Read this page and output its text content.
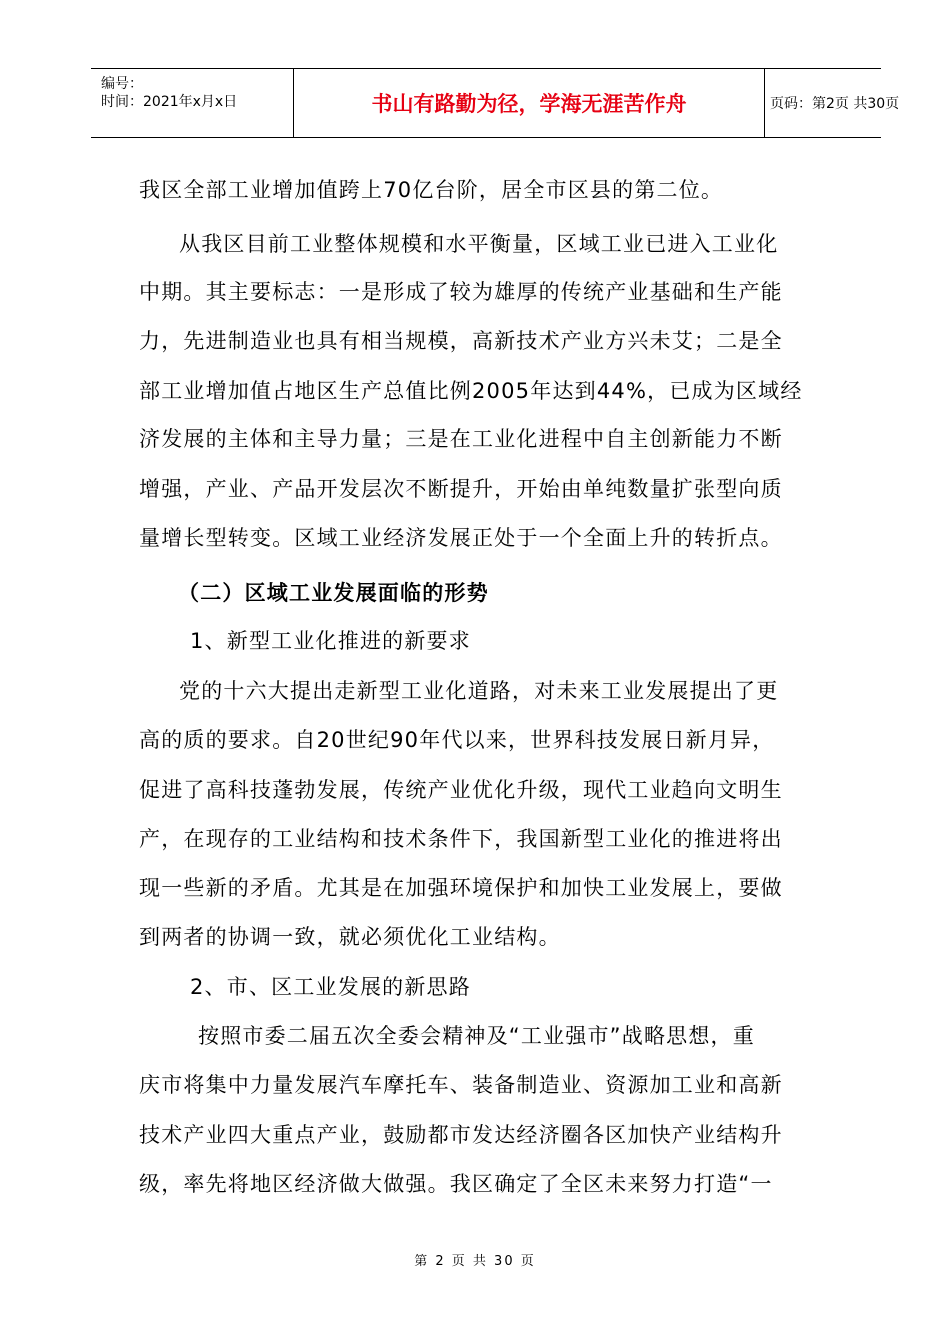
编号：
时间：2021年x月x日	书山有路勤为径，学海无涯苦作舟	页码：第2页 共30页
我区全部工业增加值跨上70亿台阶，居全市区县的第二位。
从我区目前工业整体规模和水平衡量，区域工业已进入工业化
中期。其主要标志：一是形成了较为雄厚的传统产业基础和生产能
力，先进制造业也具有相当规模，高新技术产业方兴未艾；二是全
部工业增加值占地区生产总值比例2005年达到44%，已成为区域经
济发展的主体和主导力量；三是在工业化进程中自主创新能力不断
增强，产业、产品开发层次不断提升，开始由单纯数量扩张型向质
量增长型转变。区域工业经济发展正处于一个全面上升的转折点。
（二）区域工业发展面临的形势
1、新型工业化推进的新要求
党的十六大提出走新型工业化道路，对未来工业发展提出了更
高的质的要求。自20世纪90年代以来，世界科技发展日新月异，
促进了高科技蓬勃发展，传统产业优化升级，现代工业趋向文明生
产，在现存的工业结构和技术条件下，我国新型工业化的推进将出
现一些新的矛盾。尤其是在加强环境保护和加快工业发展上，要做
到两者的协调一致，就必须优化工业结构。
2、市、区工业发展的新思路
按照市委二届五次全委会精神及“工业强市”战略思想，重
庆市将集中力量发展汽车摩托车、装备制造业、资源加工业和高新
技术产业四大重点产业，鼓励都市发达经济圈各区加快产业结构升
级，率先将地区经济做大做强。我区确定了全区未来努力打造“一
第 2 页 共 30 页
